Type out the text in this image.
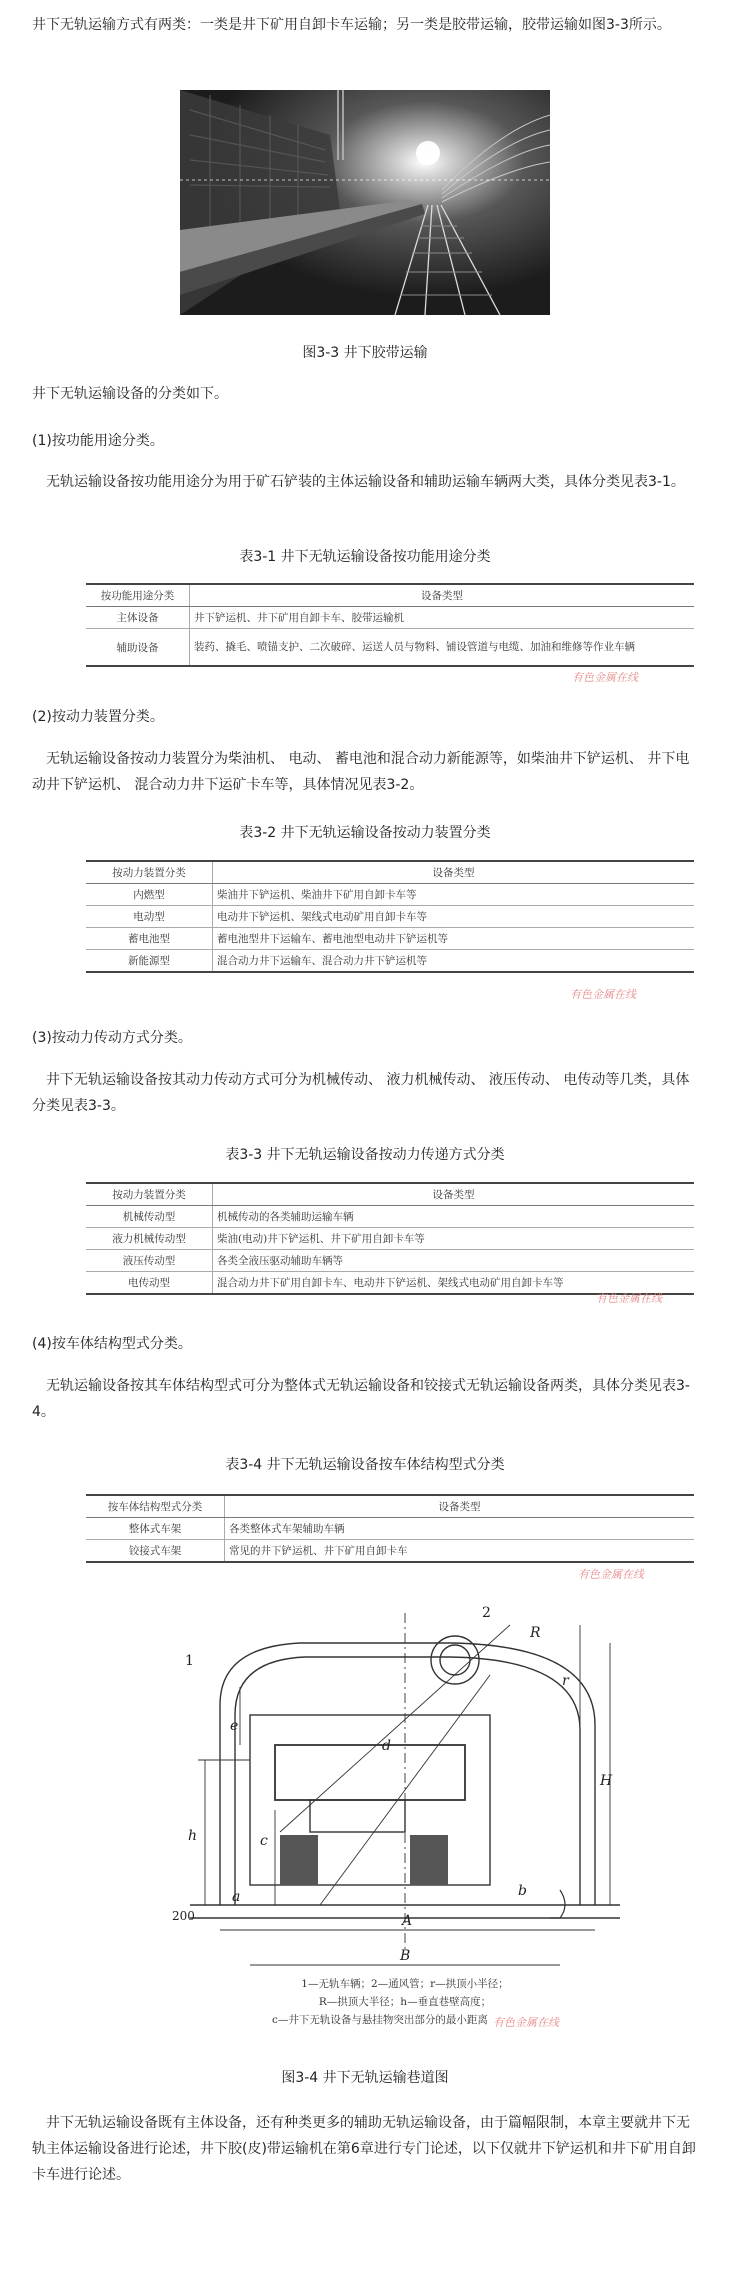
井下无轨运输方式有两类：一类是井下矿用自卸卡车运输；另一类是胶带运输，胶带运输如图3-3所示。

图3-3 井下胶带运输

井下无轨运输设备的分类如下。

(1)按功能用途分类。

无轨运输设备按功能用途分为用于矿石铲装的主体运输设备和辅助运输车辆两大类，具体分类见表3-1。

表3-1 井下无轨运输设备按功能用途分类

按功能用途分类	设备类型
主体设备	井下铲运机、井下矿用自卸卡车、胶带运输机
辅助设备	装药、撬毛、喷锚支护、二次破碎、运送人员与物料、铺设管道与电缆、加油和维修等作业车辆
有色金属在线

(2)按动力装置分类。

无轨运输设备按动力装置分为柴油机、 电动、 蓄电池和混合动力新能源等，如柴油井下铲运机、 井下电动井下铲运机、 混合动力井下运矿卡车等，具体情况见表3-2。

表3-2 井下无轨运输设备按动力装置分类

按动力装置分类	设备类型
内燃型	柴油井下铲运机、柴油井下矿用自卸卡车等
电动型	电动井下铲运机、架线式电动矿用自卸卡车等
蓄电池型	蓄电池型井下运输车、蓄电池型电动井下铲运机等
新能源型	混合动力井下运输车、混合动力井下铲运机等
有色金属在线

(3)按动力传动方式分类。

井下无轨运输设备按其动力传动方式可分为机械传动、 液力机械传动、 液压传动、 电传动等几类，具体分类见表3-3。

表3-3 井下无轨运输设备按动力传递方式分类

按动力装置分类	设备类型
机械传动型	机械传动的各类辅助运输车辆
液力机械传动型	柴油(电动)井下铲运机、井下矿用自卸卡车等
液压传动型	各类全液压驱动辅助车辆等
电传动型	混合动力井下矿用自卸卡车、电动井下铲运机、架线式电动矿用自卸卡车等
有色金属在线

(4)按车体结构型式分类。

无轨运输设备按其车体结构型式可分为整体式无轨运输设备和铰接式无轨运输设备两类，具体分类见表3-4。

表3-4 井下无轨运输设备按车体结构型式分类

按车体结构型式分类	设备类型
整体式车架	各类整体式车架辅助车辆
铰接式车架	常见的井下铲运机、井下矿用自卸卡车
有色金属在线
1
2
R
r
e
d
H
h	c
a	b
200	A
B
1—无轨车辆；2—通风管；r—拱顶小半径；
R—拱顶大半径；h—垂直巷壁高度；
c—井下无轨设备与悬挂物突出部分的最小距离 有色金属在线

图3-4 井下无轨运输巷道图

井下无轨运输设备既有主体设备，还有种类更多的辅助无轨运输设备，由于篇幅限制，本章主要就井下无轨主体运输设备进行论述，井下胶(皮)带运输机在第6章进行专门论述，以下仅就井下铲运机和井下矿用自卸卡车进行论述。
